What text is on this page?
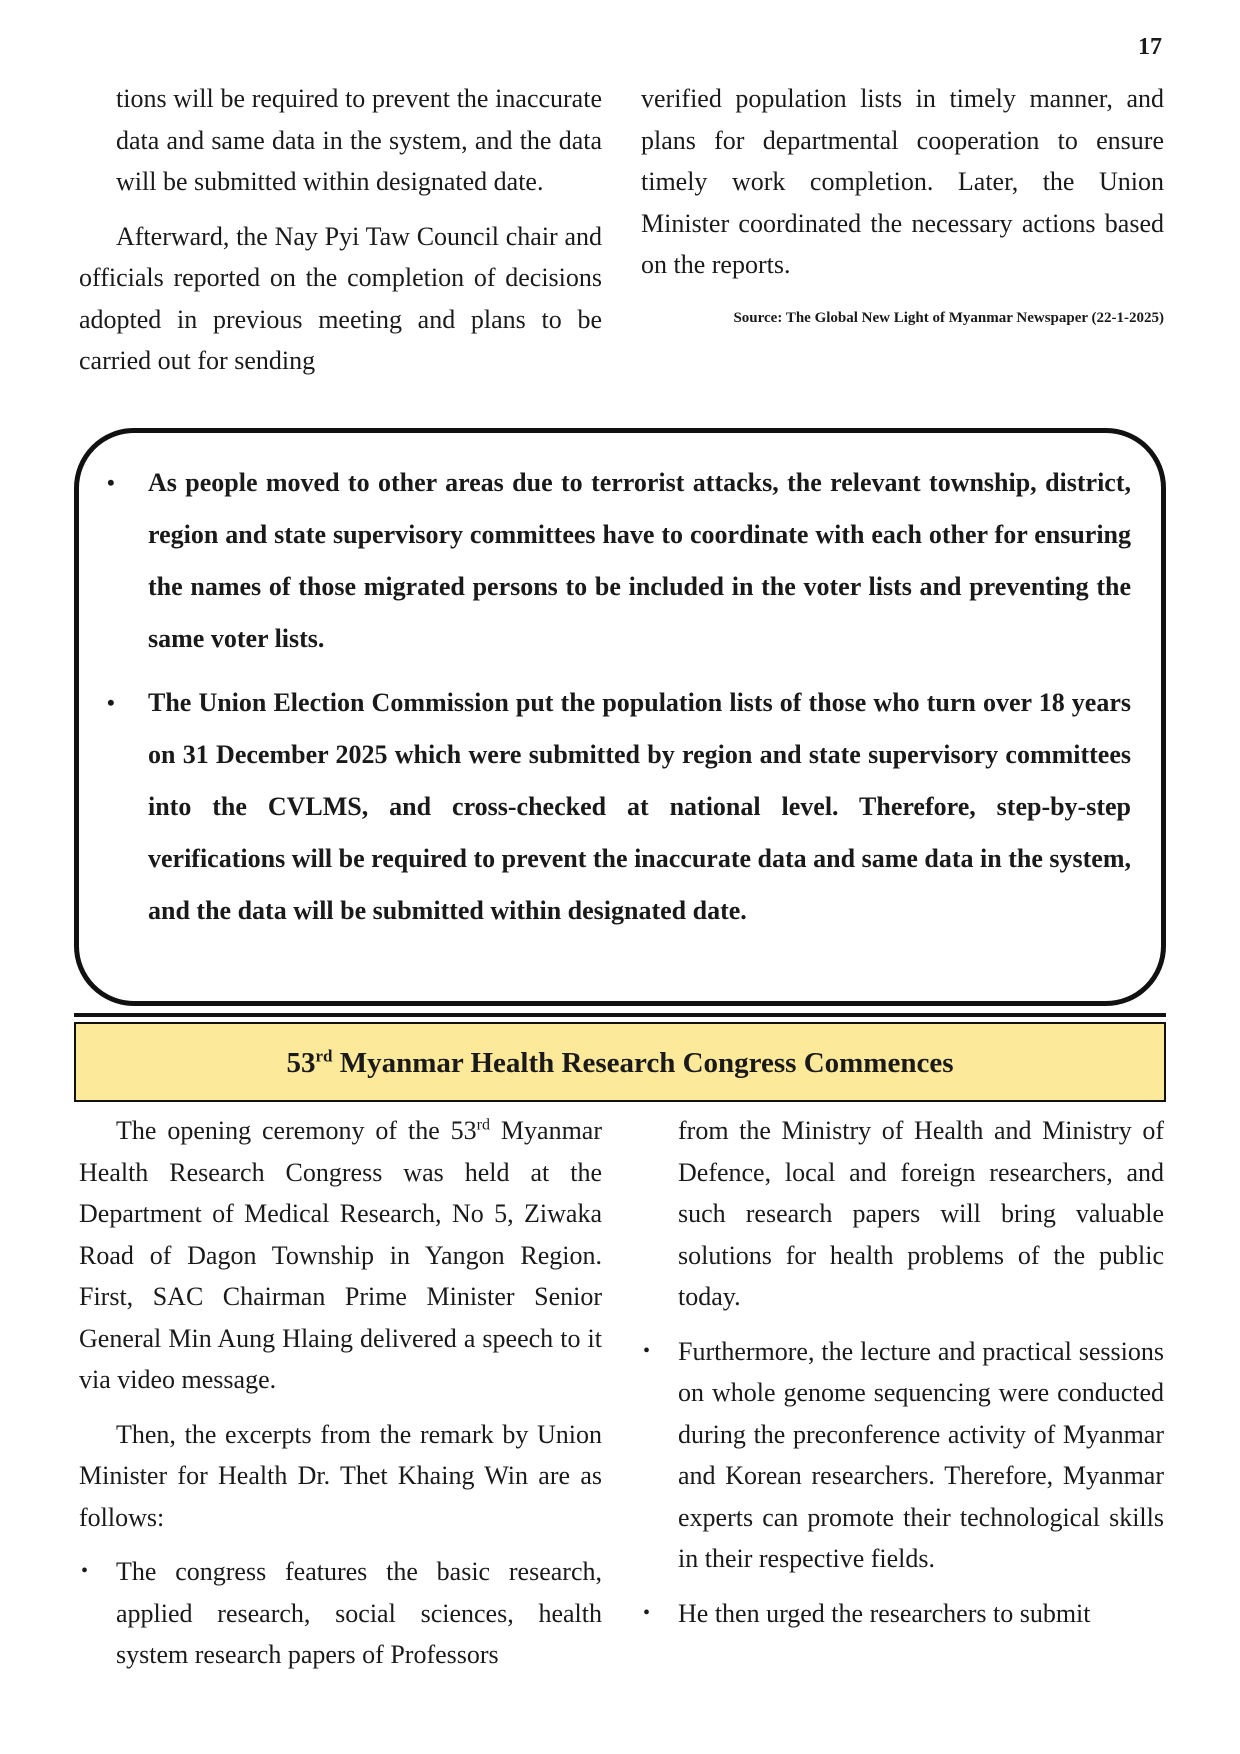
17

tions will be required to prevent the inaccurate data and same data in the system, and the data will be submitted within designated date.

Afterward, the Nay Pyi Taw Council chair and officials reported on the completion of decisions adopted in previous meeting and plans to be carried out for sending

verified population lists in timely manner, and plans for departmental cooperation to ensure timely work completion. Later, the Union Minister coordinated the necessary actions based on the reports.

Source: The Global New Light of Myanmar Newspaper (22-1-2025)
• As people moved to other areas due to terrorist attacks, the relevant township, district, region and state supervisory committees have to coordinate with each other for ensuring the names of those migrated persons to be included in the voter lists and preventing the same voter lists.
• The Union Election Commission put the population lists of those who turn over 18 years on 31 December 2025 which were submitted by region and state supervisory committees into the CVLMS, and cross-checked at national level. Therefore, step-by-step verifications will be required to prevent the inaccurate data and same data in the system, and the data will be submitted within designated date.
53rd Myanmar Health Research Congress Commences

The opening ceremony of the 53rd Myanmar Health Research Congress was held at the Department of Medical Research, No 5, Ziwaka Road of Dagon Township in Yangon Region. First, SAC Chairman Prime Minister Senior General Min Aung Hlaing delivered a speech to it via video message.

Then, the excerpts from the remark by Union Minister for Health Dr. Thet Khaing Win are as follows:

• The congress features the basic research, applied research, social sciences, health system research papers of Professors

from the Ministry of Health and Ministry of Defence, local and foreign researchers, and such research papers will bring valuable solutions for health problems of the public today.

• Furthermore, the lecture and practical sessions on whole genome sequencing were conducted during the preconference activity of Myanmar and Korean researchers. Therefore, Myanmar experts can promote their technological skills in their respective fields.
• He then urged the researchers to submit
